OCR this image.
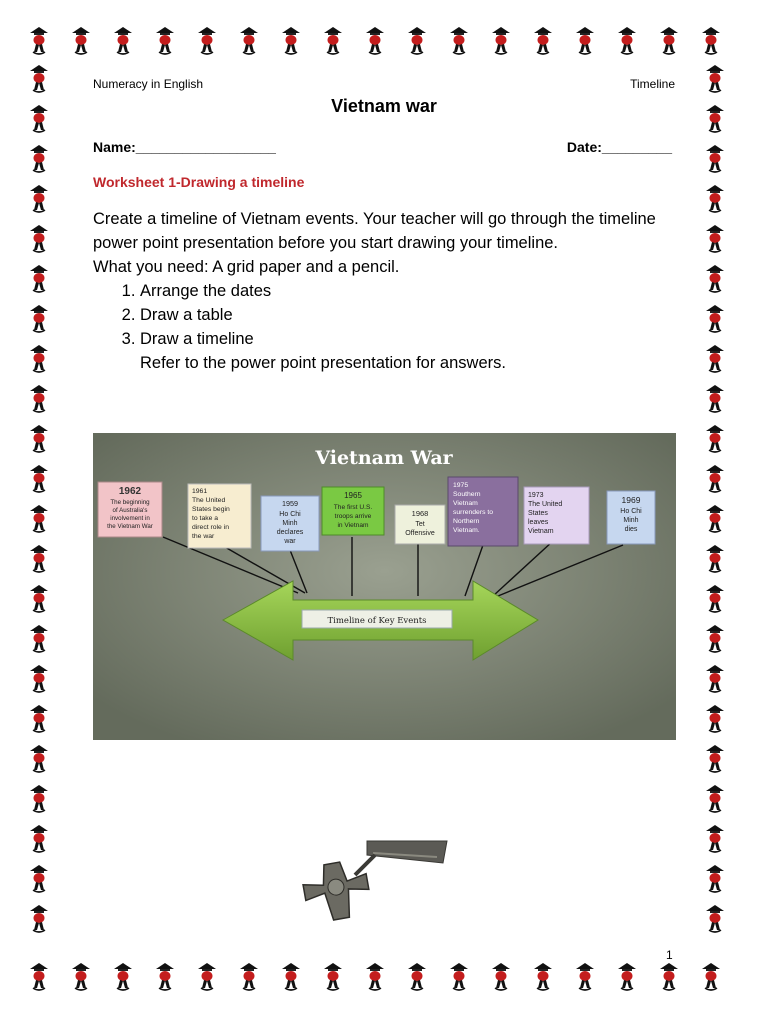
Numeracy in English	Timeline
Vietnam war
Name:__________________	Date:_________
Worksheet 1-Drawing a timeline

Create a timeline of Vietnam events. Your teacher will go through the timeline power point presentation before you start drawing your timeline.

What you need: A grid paper and a pencil.

1. Arrange the dates
2. Draw a table
3. Draw a timeline
Refer to the power point presentation for answers.
Vietnam War
Timeline of Key Events
1962
The beginning
of Australia's
involvement in
the Vietnam War
1961
The United
States begin
to take a
direct role in
the war
1959
Ho Chi
Minh
declares
war
1965
The first U.S.
troops arrive
in Vietnam
1968
Tet
Offensive
1975
Southern
Vietnam
surrenders to
Northern
Vietnam.
1973
The United
States
leaves
Vietnam
1969
Ho Chi
Minh
dies
1
